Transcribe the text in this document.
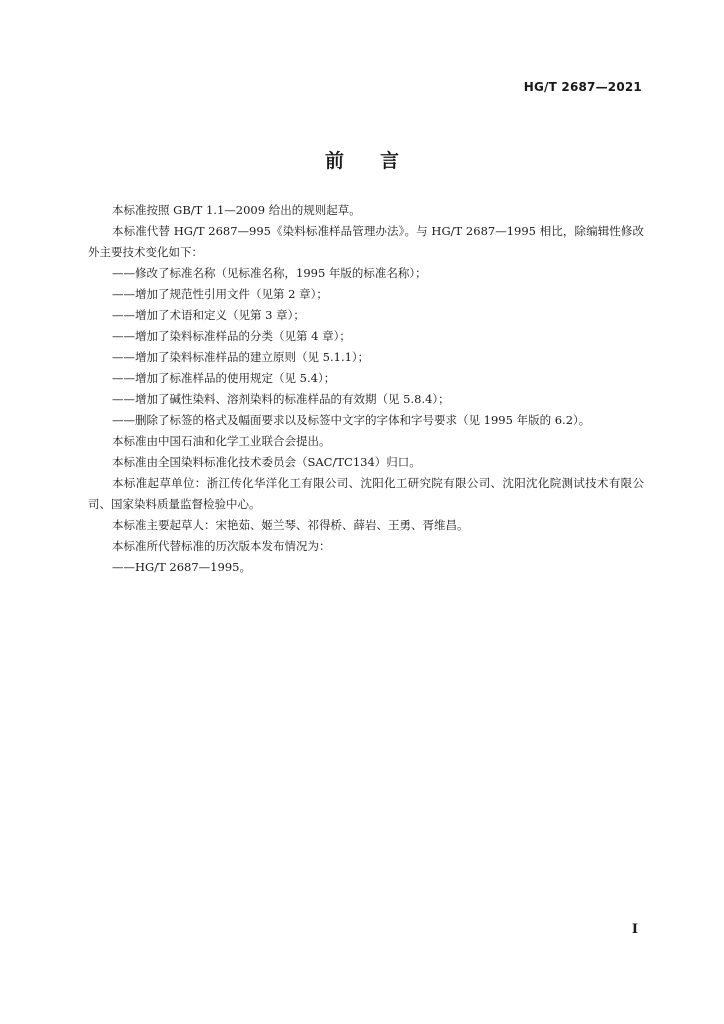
HG/T 2687—2021
前言

本标准按照 GB/T 1.1—2009 给出的规则起草。

本标准代替 HG/T 2687—995《染料标准样品管理办法》。与 HG/T 2687—1995 相比，除编辑性修改外主要技术变化如下：

——修改了标准名称（见标准名称，1995 年版的标准名称）；

——增加了规范性引用文件（见第 2 章）；

——增加了术语和定义（见第 3 章）；

——增加了染料标准样品的分类（见第 4 章）；

——增加了染料标准样品的建立原则（见 5.1.1）；

——增加了标准样品的使用规定（见 5.4）；

——增加了碱性染料、溶剂染料的标准样品的有效期（见 5.8.4）；

——删除了标签的格式及幅面要求以及标签中文字的字体和字号要求（见 1995 年版的 6.2）。

本标准由中国石油和化学工业联合会提出。

本标准由全国染料标准化技术委员会（SAC/TC134）归口。

本标准起草单位：浙江传化华洋化工有限公司、沈阳化工研究院有限公司、沈阳沈化院测试技术有限公司、国家染料质量监督检验中心。

本标准主要起草人：宋艳茹、姬兰琴、祁得桥、薛岩、王勇、胥维昌。

本标准所代替标准的历次版本发布情况为：

——HG/T 2687—1995。

I
